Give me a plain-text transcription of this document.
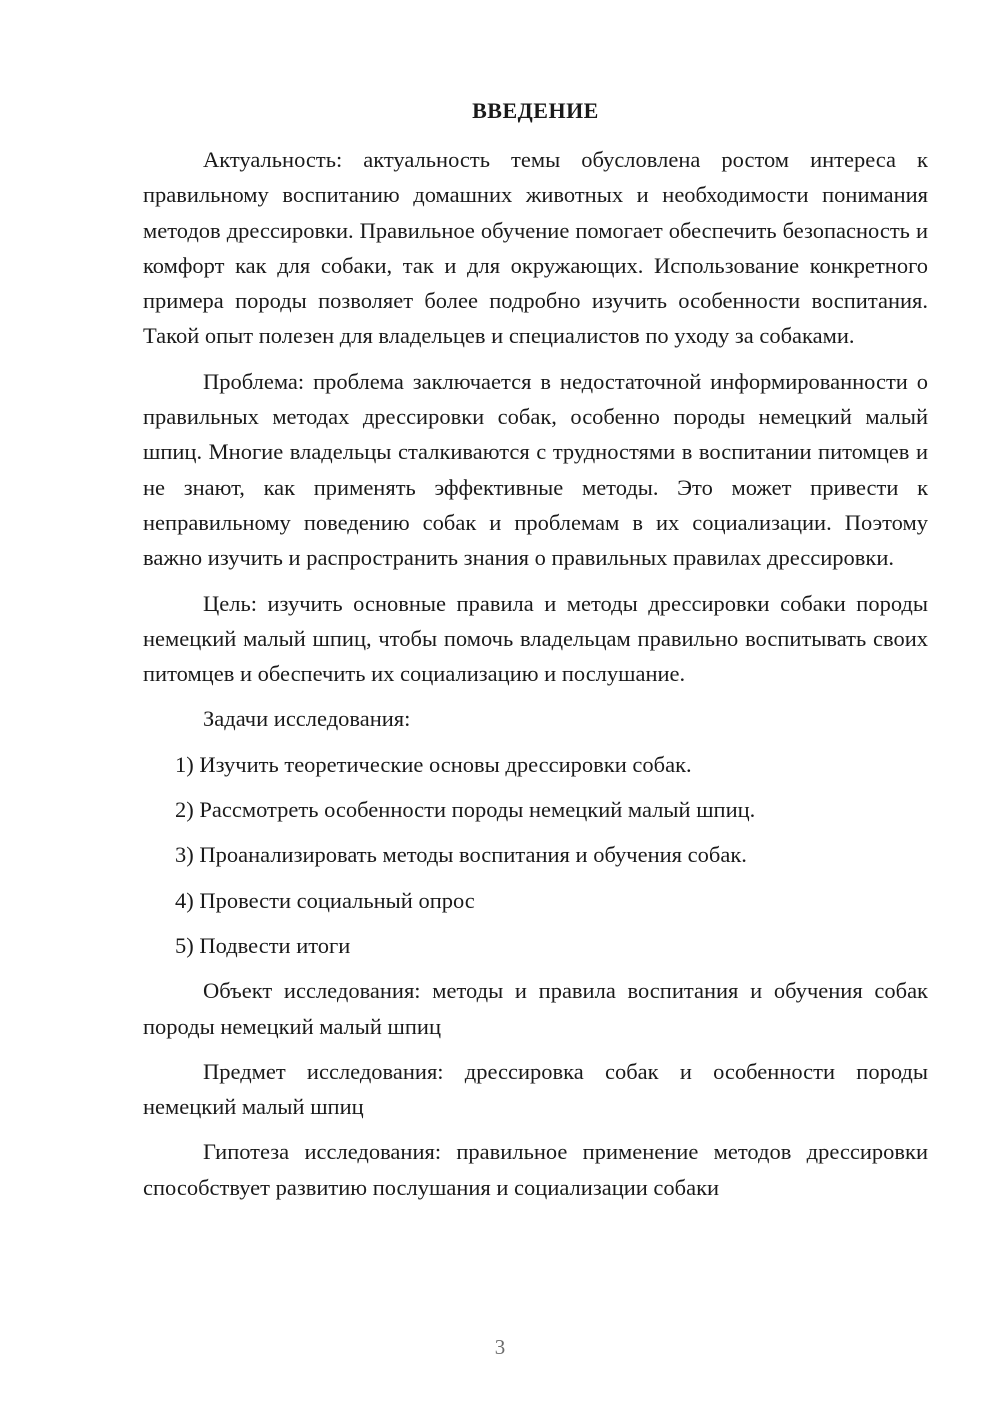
ВВЕДЕНИЕ

Актуальность: актуальность темы обусловлена ростом интереса к правильному воспитанию домашних животных и необходимости понимания методов дрессировки. Правильное обучение помогает обеспечить безопасность и комфорт как для собаки, так и для окружающих. Использование конкретного примера породы позволяет более подробно изучить особенности воспитания. Такой опыт полезен для владельцев и специалистов по уходу за собаками.

Проблема: проблема заключается в недостаточной информированности о правильных методах дрессировки собак, особенно породы немецкий малый шпиц. Многие владельцы сталкиваются с трудностями в воспитании питомцев и не знают, как применять эффективные методы. Это может привести к неправильному поведению собак и проблемам в их социализации. Поэтому важно изучить и распространить знания о правильных правилах дрессировки.

Цель: изучить основные правила и методы дрессировки собаки породы немецкий малый шпиц, чтобы помочь владельцам правильно воспитывать своих питомцев и обеспечить их социализацию и послушание.

Задачи исследования:

1) Изучить теоретические основы дрессировки собак.

2) Рассмотреть особенности породы немецкий малый шпиц.

3) Проанализировать методы воспитания и обучения собак.

4) Провести социальный опрос

5) Подвести итоги

Объект исследования: методы и правила воспитания и обучения собак породы немецкий малый шпиц

Предмет исследования: дрессировка собак и особенности породы немецкий малый шпиц

Гипотеза исследования: правильное применение методов дрессировки способствует развитию послушания и социализации собаки

3
